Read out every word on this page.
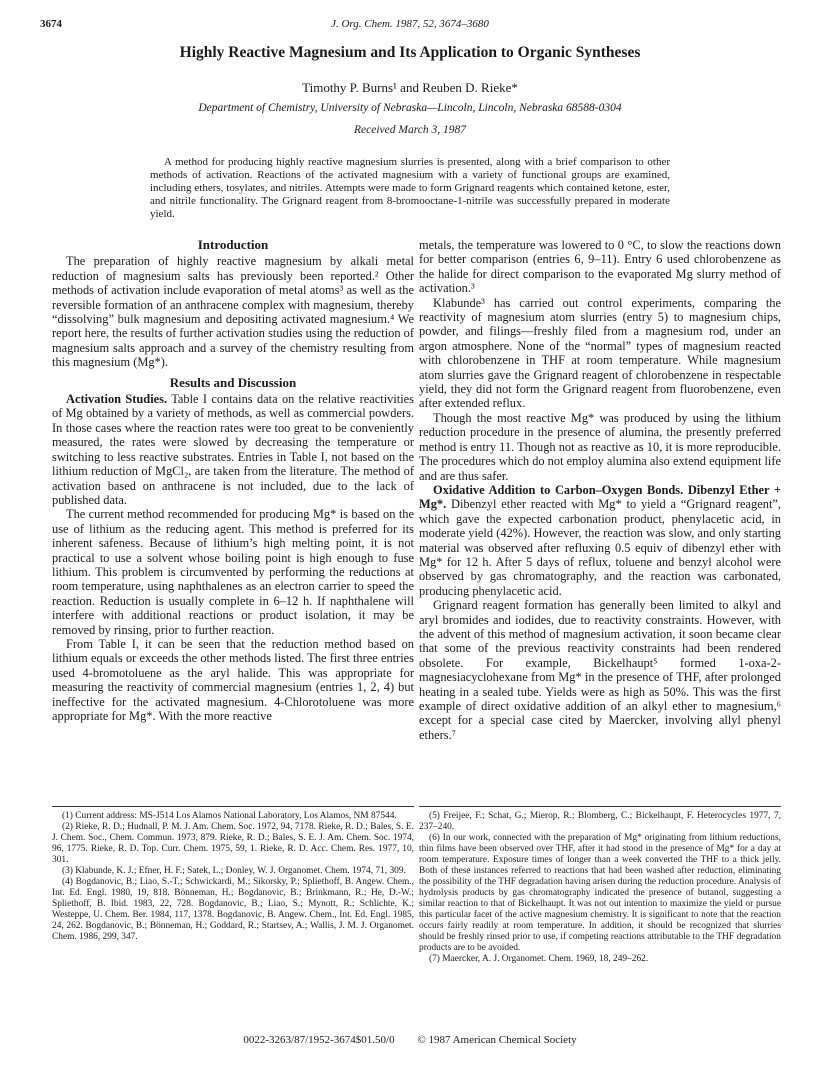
3674	J. Org. Chem. 1987, 52, 3674–3680
Highly Reactive Magnesium and Its Application to Organic Syntheses
Timothy P. Burns¹ and Reuben D. Rieke*
Department of Chemistry, University of Nebraska—Lincoln, Lincoln, Nebraska 68588-0304
Received March 3, 1987

A method for producing highly reactive magnesium slurries is presented, along with a brief comparison to other methods of activation. Reactions of the activated magnesium with a variety of functional groups are examined, including ethers, tosylates, and nitriles. Attempts were made to form Grignard reagents which contained ketone, ester, and nitrile functionality. The Grignard reagent from 8-bromooctane-1-nitrile was successfully prepared in moderate yield.

Introduction

The preparation of highly reactive magnesium by alkali metal reduction of magnesium salts has previously been reported.² Other methods of activation include evaporation of metal atoms³ as well as the reversible formation of an anthracene complex with magnesium, thereby “dissolving” bulk magnesium and depositing activated magnesium.⁴ We report here, the results of further activation studies using the reduction of magnesium salts approach and a survey of the chemistry resulting from this magnesium (Mg*).

Results and Discussion

Activation Studies. Table I contains data on the relative reactivities of Mg obtained by a variety of methods, as well as commercial powders. In those cases where the reaction rates were too great to be conveniently measured, the rates were slowed by decreasing the temperature or switching to less reactive substrates. Entries in Table I, not based on the lithium reduction of MgCl₂, are taken from the literature. The method of activation based on anthracene is not included, due to the lack of published data.

The current method recommended for producing Mg* is based on the use of lithium as the reducing agent. This method is preferred for its inherent safeness. Because of lithium’s high melting point, it is not practical to use a solvent whose boiling point is high enough to fuse lithium. This problem is circumvented by performing the reductions at room temperature, using naphthalenes as an electron carrier to speed the reaction. Reduction is usually complete in 6–12 h. If naphthalene will interfere with additional reactions or product isolation, it may be removed by rinsing, prior to further reaction.

From Table I, it can be seen that the reduction method based on lithium equals or exceeds the other methods listed. The first three entries used 4-bromotoluene as the aryl halide. This was appropriate for measuring the reactivity of commercial magnesium (entries 1, 2, 4) but ineffective for the activated magnesium. 4-Chlorotoluene was more appropriate for Mg*. With the more reactive

metals, the temperature was lowered to 0 °C, to slow the reactions down for better comparison (entries 6, 9–11). Entry 6 used chlorobenzene as the halide for direct comparison to the evaporated Mg slurry method of activation.³

Klabunde³ has carried out control experiments, comparing the reactivity of magnesium atom slurries (entry 5) to magnesium chips, powder, and filings—freshly filed from a magnesium rod, under an argon atmosphere. None of the “normal” types of magnesium reacted with chlorobenzene in THF at room temperature. While magnesium atom slurries gave the Grignard reagent of chlorobenzene in respectable yield, they did not form the Grignard reagent from fluorobenzene, even after extended reflux.

Though the most reactive Mg* was produced by using the lithium reduction procedure in the presence of alumina, the presently preferred method is entry 11. Though not as reactive as 10, it is more reproducible. The procedures which do not employ alumina also extend equipment life and are thus safer.

Oxidative Addition to Carbon–Oxygen Bonds. Dibenzyl Ether + Mg*. Dibenzyl ether reacted with Mg* to yield a “Grignard reagent”, which gave the expected carbonation product, phenylacetic acid, in moderate yield (42%). However, the reaction was slow, and only starting material was observed after refluxing 0.5 equiv of dibenzyl ether with Mg* for 12 h. After 5 days of reflux, toluene and benzyl alcohol were observed by gas chromatography, and the reaction was carbonated, producing phenylacetic acid.

Grignard reagent formation has generally been limited to alkyl and aryl bromides and iodides, due to reactivity constraints. However, with the advent of this method of magnesium activation, it soon became clear that some of the previous reactivity constraints had been rendered obsolete. For example, Bickelhaupt⁵ formed 1-oxa-2-magnesiacyclohexane from Mg* in the presence of THF, after prolonged heating in a sealed tube. Yields were as high as 50%. This was the first example of direct oxidative addition of an alkyl ether to magnesium,⁶ except for a special case cited by Maercker, involving allyl phenyl ethers.⁷

(1) Current address: MS-J514 Los Alamos National Laboratory, Los Alamos, NM 87544.

(2) Rieke, R. D.; Hudnall, P. M. J. Am. Chem. Soc. 1972, 94, 7178. Rieke, R. D.; Bales, S. E. J. Chem. Soc., Chem. Commun. 1973, 879. Rieke, R. D.; Bales, S. E. J. Am. Chem. Soc. 1974, 96, 1775. Rieke, R. D. Top. Curr. Chem. 1975, 59, 1. Rieke, R. D. Acc. Chem. Res. 1977, 10, 301.

(3) Klabunde, K. J.; Efner, H. F.; Satek, L.; Donley, W. J. Organomet. Chem. 1974, 71, 309.

(4) Bogdanovic, B.; Liao, S.-T.; Schwickardi, M.; Sikorsky, P.; Spliethoff, B. Angew. Chem., Int. Ed. Engl. 1980, 19, 818. Bönneman, H.; Bogdanovic, B.; Brinkmann, R.; He, D.-W.; Spliethoff, B. Ibid. 1983, 22, 728. Bogdanovic, B.; Liao, S.; Mynott, R.; Schlichte, K.; Westeppe, U. Chem. Ber. 1984, 117, 1378. Bogdanovic, B. Angew. Chem., Int. Ed. Engl. 1985, 24, 262. Bogdanovic, B.; Bönneman, H.; Goddard, R.; Startsev, A.; Wallis, J. M. J. Organomet. Chem. 1986, 299, 347.

(5) Freijee, F.; Schat, G.; Mierop, R.; Blomberg, C.; Bickelhaupt, F. Heterocycles 1977, 7, 237–240.

(6) In our work, connected with the preparation of Mg* originating from lithium reductions, thin films have been observed over THF, after it had stood in the presence of Mg* for a day at room temperature. Exposure times of longer than a week converted the THF to a thick jelly. Both of these instances referred to reactions that had been washed after reduction, eliminating the possibility of the THF degradation having arisen during the reduction procedure. Analysis of hydrolysis products by gas chromatography indicated the presence of butanol, suggesting a similar reaction to that of Bickelhaupt. It was not out intention to maximize the yield or pursue this particular facet of the active magnesium chemistry. It is significant to note that the reaction occurs fairly readily at room temperature. In addition, it should be recognized that slurries should be freshly rinsed prior to use, if competing reactions attributable to the THF degradation products are to be avoided.

(7) Maercker, A. J. Organomet. Chem. 1969, 18, 249–262.

0022-3263/87/1952-3674$01.50/0 © 1987 American Chemical Society
